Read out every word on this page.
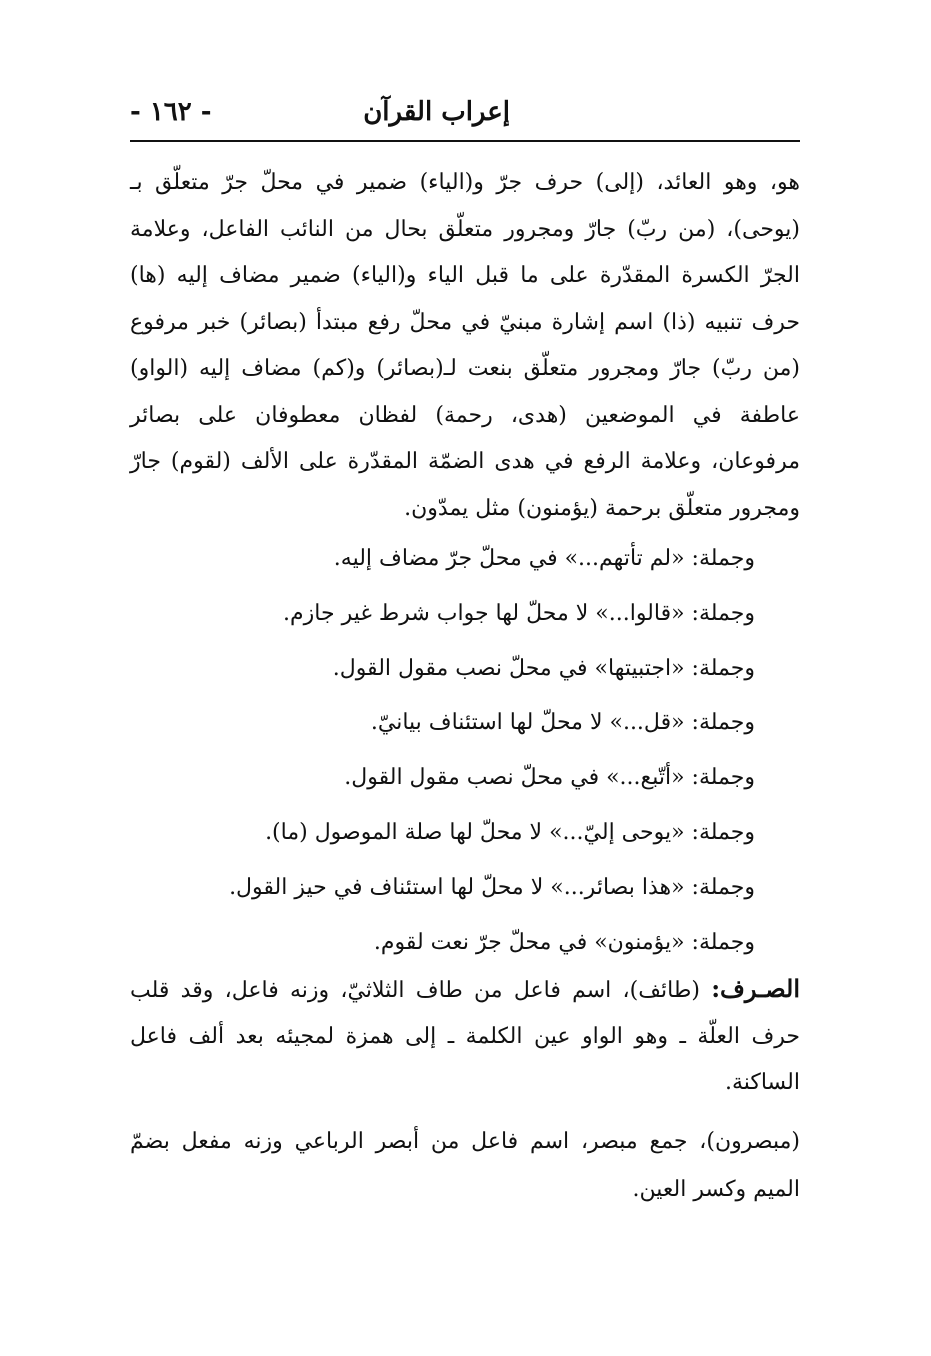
إعراب القرآن
- ١٦٢ -

هو، وهو العائد، (إلى) حرف جرّ و(الياء) ضمير في محلّ جرّ متعلّق بـ (يوحى)، (من ربّ) جارّ ومجرور متعلّق بحال من النائب الفاعل، وعلامة الجرّ الكسرة المقدّرة على ما قبل الياء و(الياء) ضمير مضاف إليه (ها) حرف تنبيه (ذا) اسم إشارة مبنيّ في محلّ رفع مبتدأ (بصائر) خبر مرفوع (من ربّ) جارّ ومجرور متعلّق بنعت لـ(بصائر) و(كم) مضاف إليه (الواو) عاطفة في الموضعين (هدى، رحمة) لفظان معطوفان على بصائر مرفوعان، وعلامة الرفع في هدى الضمّة المقدّرة على الألف (لقوم) جارّ ومجرور متعلّق برحمة (يؤمنون) مثل يمدّون.

وجملة: «لم تأتهم...» في محلّ جرّ مضاف إليه.

وجملة: «قالوا...» لا محلّ لها جواب شرط غير جازم.

وجملة: «اجتبيتها» في محلّ نصب مقول القول.

وجملة: «قل...» لا محلّ لها استئناف بيانيّ.

وجملة: «أتّبع...» في محلّ نصب مقول القول.

وجملة: «يوحى إليّ...» لا محلّ لها صلة الموصول (ما).

وجملة: «هذا بصائر...» لا محلّ لها استئناف في حيز القول.

وجملة: «يؤمنون» في محلّ جرّ نعت لقوم.

الصـرف: (طائف)، اسم فاعل من طاف الثلاثيّ، وزنه فاعل، وقد قلب حرف العلّة ـ وهو الواو عين الكلمة ـ إلى همزة لمجيئه بعد ألف فاعل الساكنة.

(مبصرون)، جمع مبصر، اسم فاعل من أبصر الرباعي وزنه مفعل بضمّ الميم وكسر العين.
